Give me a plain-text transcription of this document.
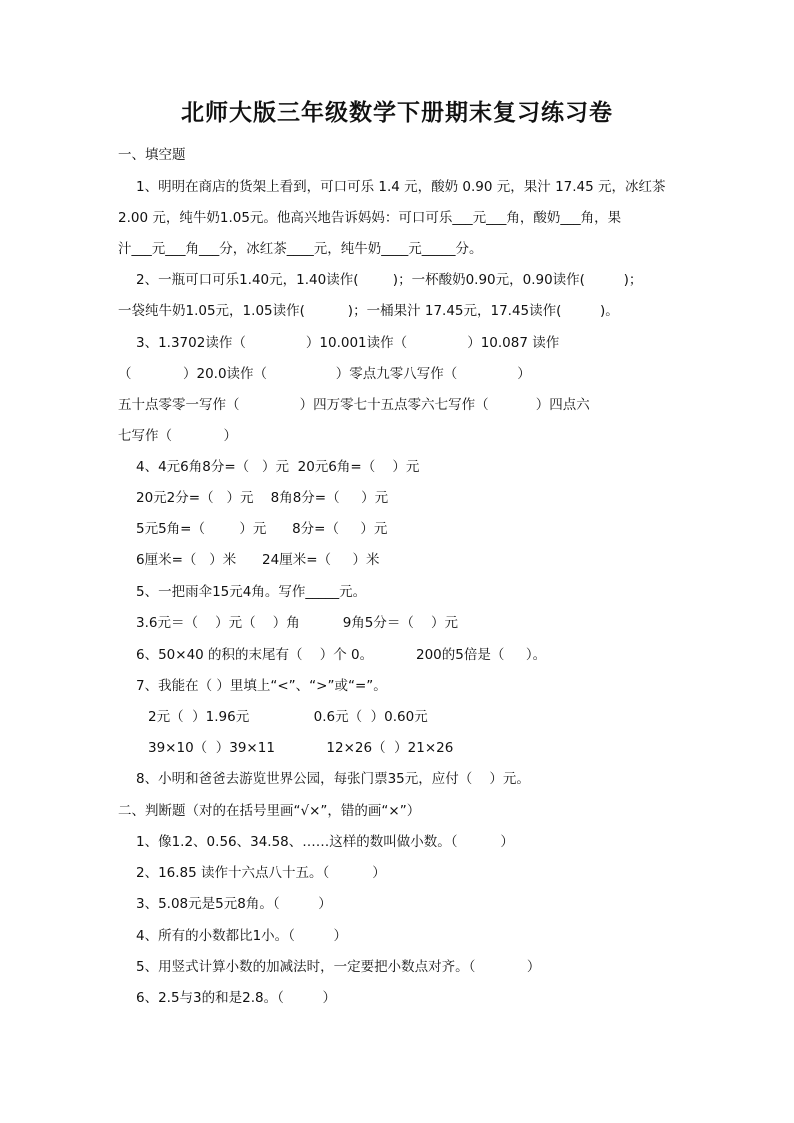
北师大版三年级数学下册期末复习练习卷
一、填空题
1、明明在商店的货架上看到，可口可乐 1.4 元，酸奶 0.90 元，果汁 17.45 元，冰红茶
2.00 元，纯牛奶1.05元。他高兴地告诉妈妈：可口可乐___元___角，酸奶___角，果
汁___元___角___分，冰红茶____元，纯牛奶____元_____分。
2、一瓶可口可乐1.40元，1.40读作(        )；一杯酸奶0.90元，0.90读作(         )；
一袋纯牛奶1.05元，1.05读作(          )；一桶果汁 17.45元，17.45读作(         )。
3、1.3702读作（              ）10.001读作（              ）10.087 读作
（            ）20.0读作（                ）零点九零八写作（              ）
五十点零零一写作（              ）四万零七十五点零六七写作（           ）四点六
七写作（            ）
4、4元6角8分=（   ）元  20元6角=（    ）元
20元2分=（   ）元    8角8分=（     ）元
5元5角=（        ）元      8分=（     ）元
6厘米=（   ）米      24厘米=（     ）米
5、一把雨伞15元4角。写作_____元。
3.6元＝（    ）元（    ）角          9角5分＝（    ）元
6、50×40 的积的末尾有（    ）个 0。          200的5倍是（     ）。
7、我能在（ ）里填上“<”、“>”或“=”。
2元（  ）1.96元               0.6元（  ）0.60元
39×10（  ）39×11            12×26（  ）21×26
8、小明和爸爸去游览世界公园，每张门票35元，应付（    ）元。
二、判断题（对的在括号里画“√×”，错的画“×”）
1、像1.2、0.56、34.58、……这样的数叫做小数。（          ）
2、16.85 读作十六点八十五。（          ）
3、5.08元是5元8角。（         ）
4、所有的小数都比1小。（         ）
5、用竖式计算小数的加减法时，一定要把小数点对齐。（            ）
6、2.5与3的和是2.8。（         ）
